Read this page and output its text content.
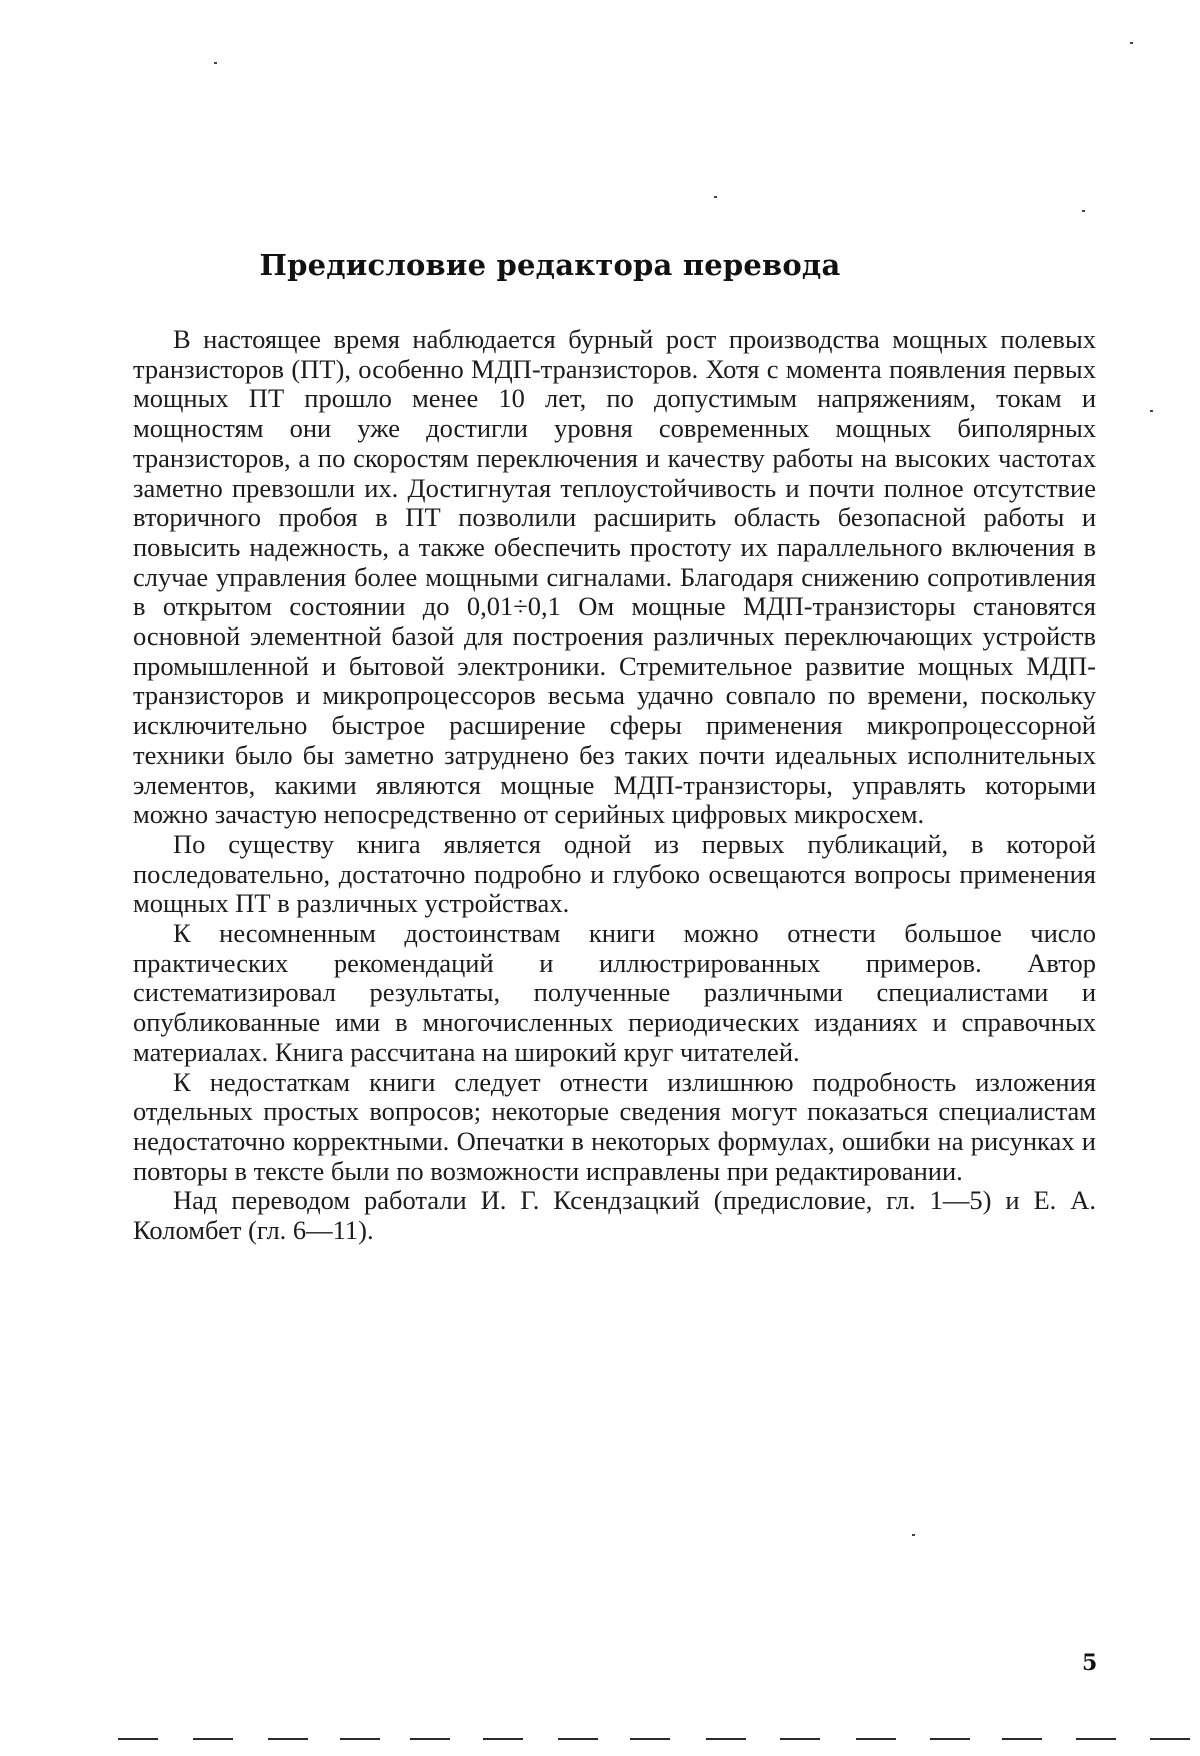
Предисловие редактора перевода

В настоящее время наблюдается бурный рост производства мощных полевых транзисторов (ПТ), особенно МДП-транзисторов. Хотя с момента появления первых мощных ПТ прошло менее 10 лет, по допустимым напряжениям, токам и мощностям они уже достигли уровня современных мощных биполярных транзисторов, а по скоростям переключения и качеству работы на высоких частотах заметно превзошли их. Достигнутая теплоустойчивость и почти полное отсутствие вторичного пробоя в ПТ позволили расширить область безопасной работы и повысить надежность, а также обеспечить простоту их параллельного включения в случае управления более мощными сигналами. Благодаря снижению сопротивления в открытом состоянии до 0,01÷0,1 Ом мощные МДП-транзисторы становятся основной элементной базой для построения различных переключающих устройств промышленной и бытовой электроники. Стремительное развитие мощных МДП-транзисторов и микропроцессоров весьма удачно совпало по времени, поскольку исключительно быстрое расширение сферы применения микропроцессорной техники было бы заметно затруднено без таких почти идеальных исполнительных элементов, какими являются мощные МДП-транзисторы, управлять которыми можно зачастую непосредственно от серийных цифровых микросхем.

По существу книга является одной из первых публикаций, в которой последовательно, достаточно подробно и глубоко освещаются вопросы применения мощных ПТ в различных устройствах.

К несомненным достоинствам книги можно отнести большое число практических рекомендаций и иллюстрированных примеров. Автор систематизировал результаты, полученные различными специалистами и опубликованные ими в многочисленных периодических изданиях и справочных материалах. Книга рассчитана на широкий круг читателей.

К недостаткам книги следует отнести излишнюю подробность изложения отдельных простых вопросов; некоторые сведения могут показаться специалистам недостаточно корректными. Опечатки в некоторых формулах, ошибки на рисунках и повторы в тексте были по возможности исправлены при редактировании.

Над переводом работали И. Г. Ксендзацкий (предисловие, гл. 1—5) и Е. А. Коломбет (гл. 6—11).

5
